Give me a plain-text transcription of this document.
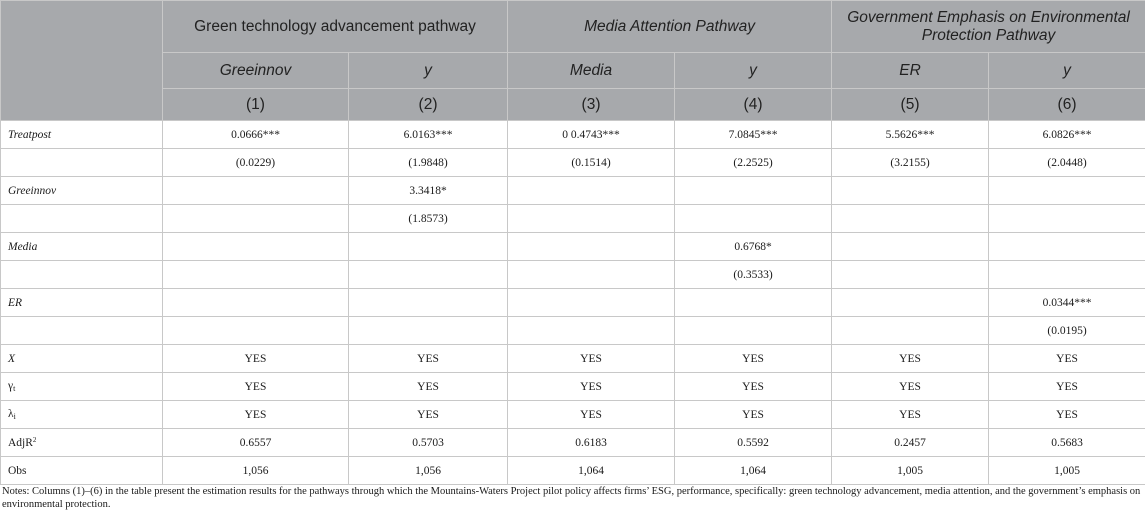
	Green technology advancement pathway		Media Attention Pathway		Government Emphasis on Environmental Protection Pathway	
	Greeinnov	y	Media	y	ER	y
	(1)	(2)	(3)	(4)	(5)	(6)
Treatpost	0.0666***	6.0163***	0 0.4743***	7.0845***	5.5626***	6.0826***
	(0.0229)	(1.9848)	(0.1514)	(2.2525)	(3.2155)	(2.0448)
Greeinnov		3.3418*				
		(1.8573)				
Media				0.6768*		
				(0.3533)		
ER						0.0344***
						(0.0195)
X	YES	YES	YES	YES	YES	YES
$\gamma_t$	YES	YES	YES	YES	YES	YES
$\lambda_i$	YES	YES	YES	YES	YES	YES
AdjR$^2$	0.6557	0.5703	0.6183	0.5592	0.2457	0.5683
Obs	1,056	1,056	1,064	1,064	1,005	1,005
Notes: Columns (1)–(6) in the table present the estimation results for the pathways through which the Mountains-Waters Project pilot policy affects firms’ ESG, performance, specifically: green technology advancement, media attention, and the government’s emphasis on environmental protection.
